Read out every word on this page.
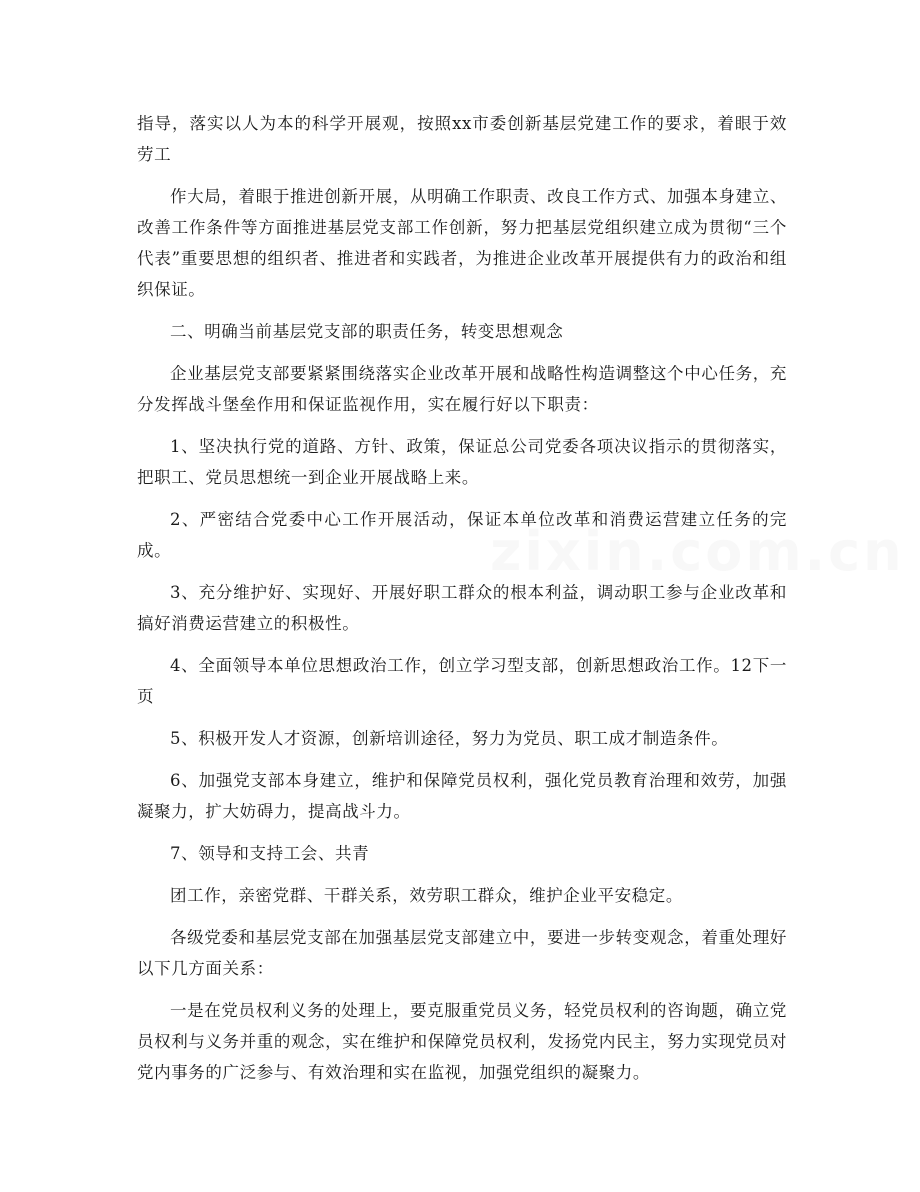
zixin.com.cn

指导，落实以人为本的科学开展观，按照xx市委创新基层党建工作的要求，着眼于效劳工

作大局，着眼于推进创新开展，从明确工作职责、改良工作方式、加强本身建立、改善工作条件等方面推进基层党支部工作创新，努力把基层党组织建立成为贯彻“三个代表”重要思想的组织者、推进者和实践者，为推进企业改革开展提供有力的政治和组织保证。

二、明确当前基层党支部的职责任务，转变思想观念

企业基层党支部要紧紧围绕落实企业改革开展和战略性构造调整这个中心任务，充分发挥战斗堡垒作用和保证监视作用，实在履行好以下职责：

1、坚决执行党的道路、方针、政策，保证总公司党委各项决议指示的贯彻落实，把职工、党员思想统一到企业开展战略上来。

2、严密结合党委中心工作开展活动，保证本单位改革和消费运营建立任务的完成。

3、充分维护好、实现好、开展好职工群众的根本利益，调动职工参与企业改革和搞好消费运营建立的积极性。

4、全面领导本单位思想政治工作，创立学习型支部，创新思想政治工作。12下一页

5、积极开发人才资源，创新培训途径，努力为党员、职工成才制造条件。

6、加强党支部本身建立，维护和保障党员权利，强化党员教育治理和效劳，加强凝聚力，扩大妨碍力，提高战斗力。

7、领导和支持工会、共青

团工作，亲密党群、干群关系，效劳职工群众，维护企业平安稳定。

各级党委和基层党支部在加强基层党支部建立中，要进一步转变观念，着重处理好以下几方面关系：

一是在党员权利义务的处理上，要克服重党员义务，轻党员权利的咨询题，确立党员权利与义务并重的观念，实在维护和保障党员权利，发扬党内民主，努力实现党员对党内事务的广泛参与、有效治理和实在监视，加强党组织的凝聚力。
